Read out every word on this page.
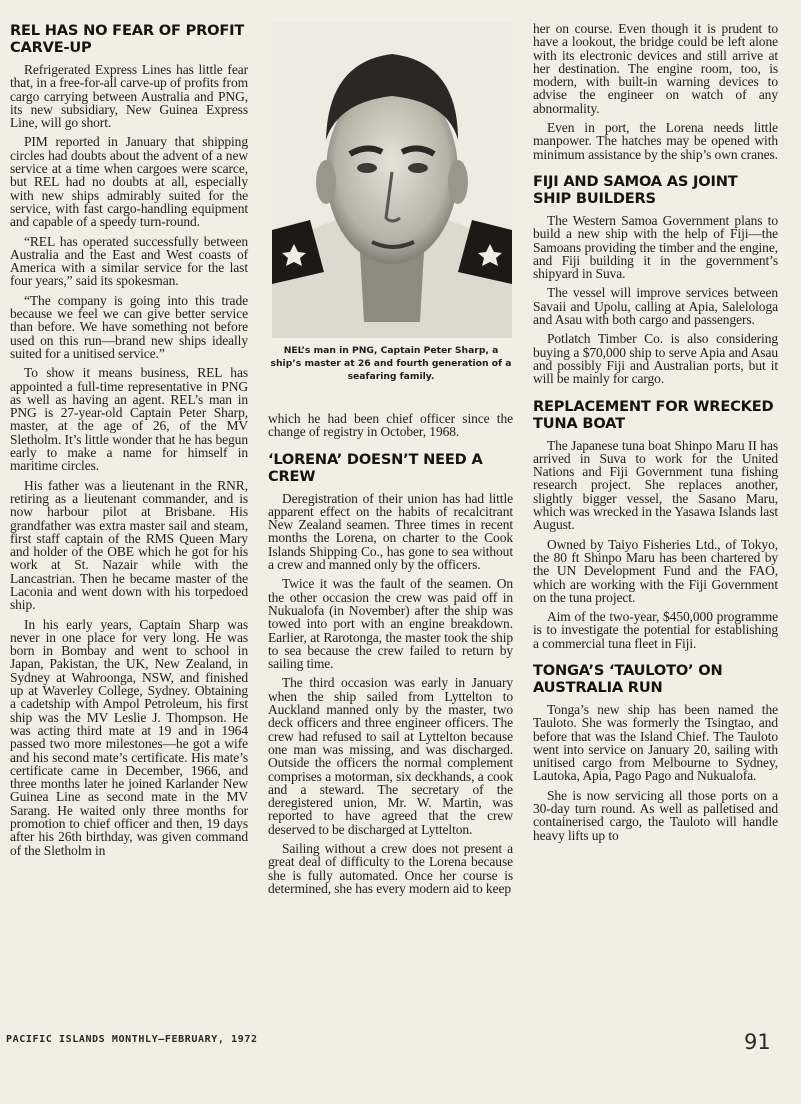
REL HAS NO FEAR OF PROFIT CARVE-UP

Refrigerated Express Lines has little fear that, in a free-for-all carve-up of profits from cargo carrying between Australia and PNG, its new subsidiary, New Guinea Express Line, will go short.

PIM reported in January that shipping circles had doubts about the advent of a new service at a time when cargoes were scarce, but REL had no doubts at all, especially with new ships admirably suited for the service, with fast cargo-handling equipment and capable of a speedy turn-round.

“REL has operated successfully between Australia and the East and West coasts of America with a similar service for the last four years,” said its spokesman.

“The company is going into this trade because we feel we can give better service than before. We have something not before used on this run—brand new ships ideally suited for a unitised service.”

To show it means business, REL has appointed a full-time representative in PNG as well as having an agent. REL’s man in PNG is 27-year-old Captain Peter Sharp, master, at the age of 26, of the MV Sletholm. It’s little wonder that he has begun early to make a name for himself in maritime circles.

His father was a lieutenant in the RNR, retiring as a lieutenant commander, and is now harbour pilot at Brisbane. His grandfather was extra master sail and steam, first staff captain of the RMS Queen Mary and holder of the OBE which he got for his work at St. Nazair while with the Lancastrian. Then he became master of the Laconia and went down with his torpedoed ship.

In his early years, Captain Sharp was never in one place for very long. He was born in Bombay and went to school in Japan, Pakistan, the UK, New Zealand, in Sydney at Wahroonga, NSW, and finished up at Waverley College, Sydney. Obtaining a cadetship with Ampol Petroleum, his first ship was the MV Leslie J. Thompson. He was acting third mate at 19 and in 1964 passed two more milestones—he got a wife and his second mate’s certificate. His mate’s certificate came in December, 1966, and three months later he joined Karlander New Guinea Line as second mate in the MV Sarang. He waited only three months for promotion to chief officer and then, 19 days after his 26th birthday, was given command of the Sletholm in

NEL’s man in PNG, Captain Peter Sharp, a ship’s master at 26 and fourth generation of a seafaring family.

which he had been chief officer since the change of registry in October, 1968.

‘LORENA’ DOESN’T NEED A CREW

Deregistration of their union has had little apparent effect on the habits of recalcitrant New Zealand seamen. Three times in recent months the Lorena, on charter to the Cook Islands Shipping Co., has gone to sea without a crew and manned only by the officers.

Twice it was the fault of the seamen. On the other occasion the crew was paid off in Nukualofa (in November) after the ship was towed into port with an engine breakdown. Earlier, at Rarotonga, the master took the ship to sea because the crew failed to return by sailing time.

The third occasion was early in January when the ship sailed from Lyttelton to Auckland manned only by the master, two deck officers and three engineer officers. The crew had refused to sail at Lyttelton because one man was missing, and was discharged. Outside the officers the normal complement comprises a motorman, six deckhands, a cook and a steward. The secretary of the deregistered union, Mr. W. Martin, was reported to have agreed that the crew deserved to be discharged at Lyttelton.

Sailing without a crew does not present a great deal of difficulty to the Lorena because she is fully automated. Once her course is determined, she has every modern aid to keep

her on course. Even though it is prudent to have a lookout, the bridge could be left alone with its electronic devices and still arrive at her destination. The engine room, too, is modern, with built-in warning devices to advise the engineer on watch of any abnormality.

Even in port, the Lorena needs little manpower. The hatches may be opened with minimum assistance by the ship’s own cranes.

FIJI AND SAMOA AS JOINT SHIP BUILDERS

The Western Samoa Government plans to build a new ship with the help of Fiji—the Samoans providing the timber and the engine, and Fiji building it in the government’s shipyard in Suva.

The vessel will improve services between Savaii and Upolu, calling at Apia, Salelologa and Asau with both cargo and passengers.

Potlatch Timber Co. is also considering buying a $70,000 ship to serve Apia and Asau and possibly Fiji and Australian ports, but it will be mainly for cargo.

REPLACEMENT FOR WRECKED TUNA BOAT

The Japanese tuna boat Shinpo Maru II has arrived in Suva to work for the United Nations and Fiji Government tuna fishing research project. She replaces another, slightly bigger vessel, the Sasano Maru, which was wrecked in the Yasawa Islands last August.

Owned by Taiyo Fisheries Ltd., of Tokyo, the 80 ft Shinpo Maru has been chartered by the UN Development Fund and the FAO, which are working with the Fiji Government on the tuna project.

Aim of the two-year, $450,000 programme is to investigate the potential for establishing a commercial tuna fleet in Fiji.

TONGA’S ‘TAULOTO’ ON AUSTRALIA RUN

Tonga’s new ship has been named the Tauloto. She was formerly the Tsingtao, and before that was the Island Chief. The Tauloto went into service on January 20, sailing with unitised cargo from Melbourne to Sydney, Lautoka, Apia, Pago Pago and Nukualofa.

She is now servicing all those ports on a 30-day turn round. As well as palletised and containerised cargo, the Tauloto will handle heavy lifts up to

PACIFIC ISLANDS MONTHLY—FEBRUARY, 1972	91
